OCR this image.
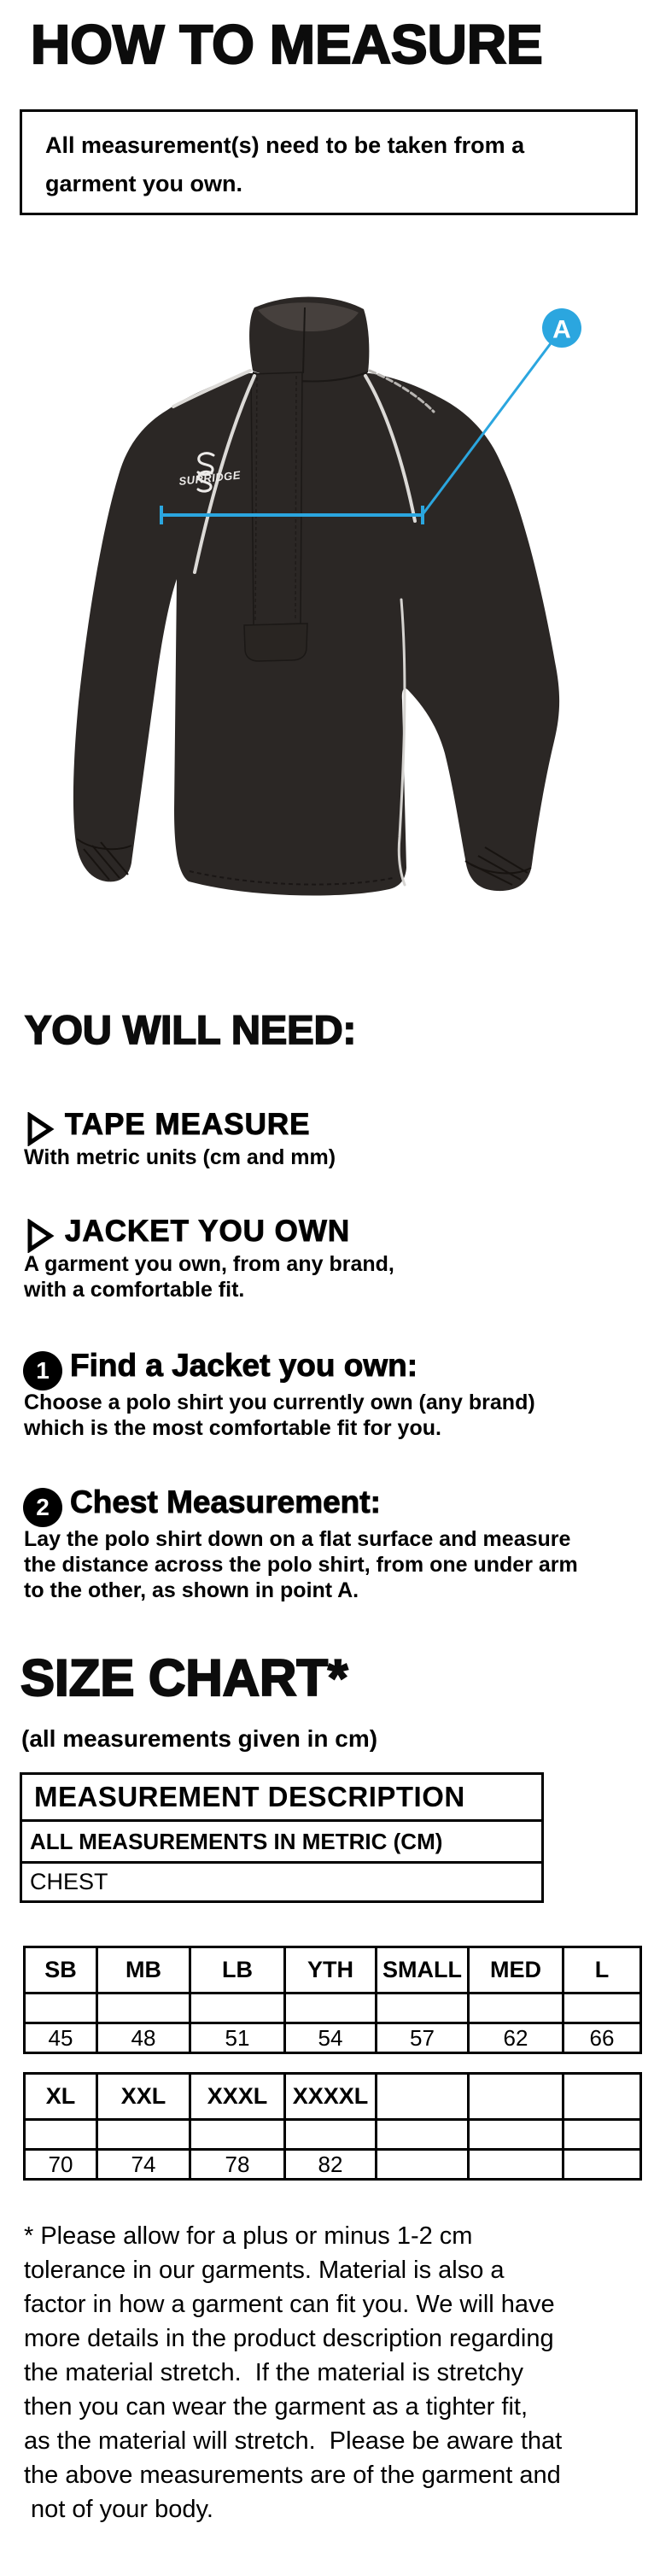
HOW TO MEASURE
All measurement(s) need to be taken from a
garment you own.
SURRIDGE
A
YOU WILL NEED:
TAPE MEASURE
With metric units (cm and mm)
JACKET YOU OWN
A garment you own, from any brand,
with a comfortable fit.
1 Find a Jacket you own:
Choose a polo shirt you currently own (any brand)
which is the most comfortable fit for you.
2 Chest Measurement:
Lay the polo shirt down on a flat surface and measure
the distance across the polo shirt, from one under arm
to the other, as shown in point A.
SIZE CHART*
(all measurements given in cm)
MEASUREMENT DESCRIPTION
ALL MEASUREMENTS IN METRIC (CM)
CHEST
SB	MB	LB	YTH	SMALL	MED	L

45	48	51	54	57	62	66
XL	XXL	XXXL	XXXXL			

70	74	78	82			
* Please allow for a plus or minus 1-2 cm
tolerance in our garments. Material is also a
factor in how a garment can fit you. We will have
more details in the product description regarding
the material stretch.  If the material is stretchy
then you can wear the garment as a tighter fit,
as the material will stretch.  Please be aware that
the above measurements are of the garment and
not of your body.
